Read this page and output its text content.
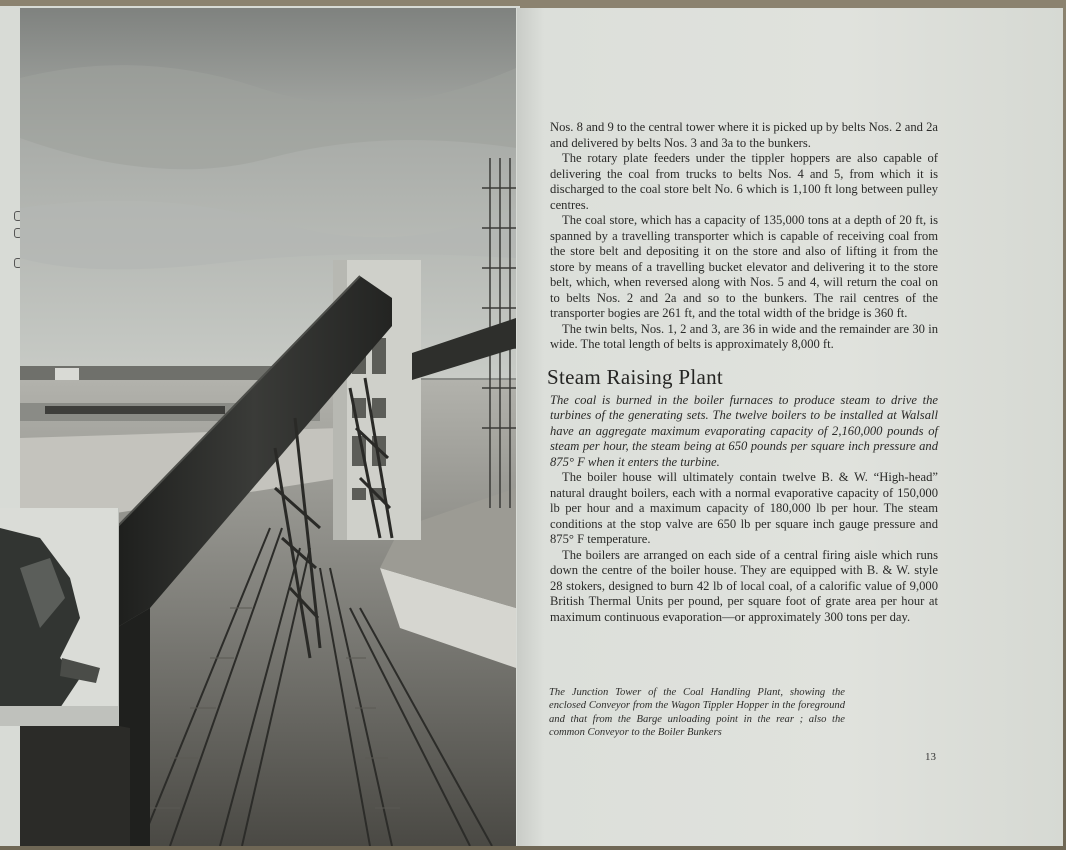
Nos. 8 and 9 to the central tower where it is picked up by belts Nos. 2 and 2a and delivered by belts Nos. 3 and 3a to the bunkers.

The rotary plate feeders under the tippler hoppers are also capable of delivering the coal from trucks to belts Nos. 4 and 5, from which it is discharged to the coal store belt No. 6 which is 1,100 ft long between pulley centres.

The coal store, which has a capacity of 135,000 tons at a depth of 20 ft, is spanned by a travelling transporter which is capable of receiving coal from the store belt and depositing it on the store and also of lifting it from the store by means of a travelling bucket elevator and delivering it to the store belt, which, when reversed along with Nos. 5 and 4, will return the coal on to belts Nos. 2 and 2a and so to the bunkers. The rail centres of the transporter bogies are 261 ft, and the total width of the bridge is 360 ft.

The twin belts, Nos. 1, 2 and 3, are 36 in wide and the remainder are 30 in wide. The total length of belts is approximately 8,000 ft.

Steam Raising Plant

The coal is burned in the boiler furnaces to produce steam to drive the turbines of the generating sets. The twelve boilers to be installed at Walsall have an aggregate maximum evaporating capacity of 2,160,000 pounds of steam per hour, the steam being at 650 pounds per square inch pressure and 875° F when it enters the turbine.

The boiler house will ultimately contain twelve B. & W. “High-head” natural draught boilers, each with a normal evaporative capacity of 150,000 lb per hour and a maximum capacity of 180,000 lb per hour. The steam conditions at the stop valve are 650 lb per square inch gauge pressure and 875° F temperature.

The boilers are arranged on each side of a central firing aisle which runs down the centre of the boiler house. They are equipped with B. & W. style 28 stokers, designed to burn 42 lb of local coal, of a calorific value of 9,000 British Thermal Units per pound, per square foot of grate area per hour at maximum continuous evaporation—or approximately 300 tons per day.

The Junction Tower of the Coal Handling Plant, showing the enclosed Conveyor from the Wagon Tippler Hopper in the foreground and that from the Barge unloading point in the rear ; also the common Conveyor to the Boiler Bunkers
13
